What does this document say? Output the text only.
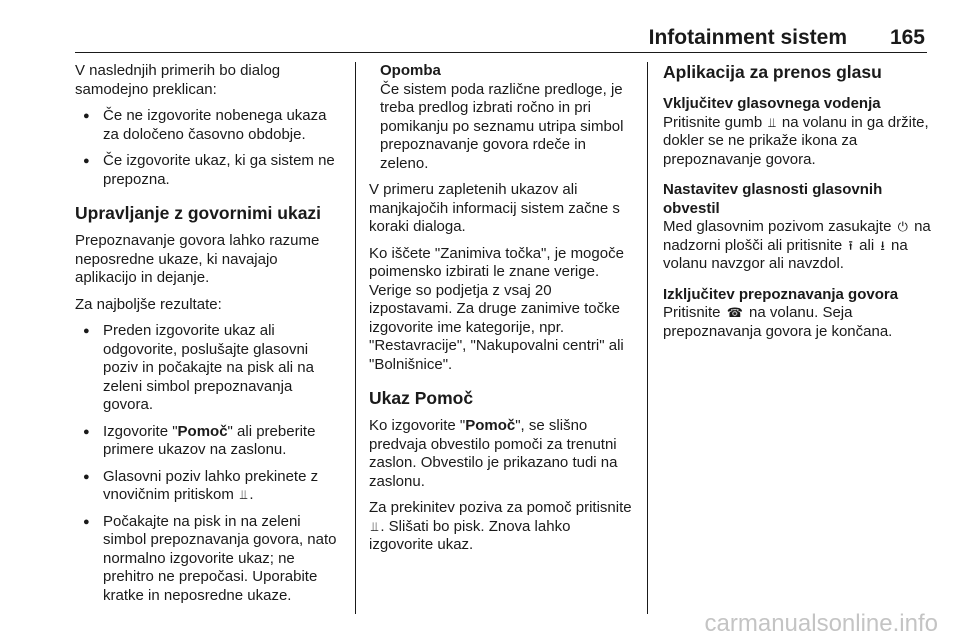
Infotainment sistem 165

V naslednjih primerih bo dialog samodejno preklican:

● Če ne izgovorite nobenega ukaza za določeno časovno obdobje.
● Če izgovorite ukaz, ki ga sistem ne prepozna.
Upravljanje z govornimi ukazi

Prepoznavanje govora lahko razume neposredne ukaze, ki navajajo aplikacijo in dejanje.

Za najboljše rezultate:

● Preden izgovorite ukaz ali odgovorite, poslušajte glasovni poziv in počakajte na pisk ali na zeleni simbol prepoznavanja govora.
● Izgovorite "Pomoč" ali preberite primere ukazov na zaslonu.
● Glasovni poziv lahko prekinete z vnovičnim pritiskom ⫫ .
● Počakajte na pisk in na zeleni simbol prepoznavanja govora, nato normalno izgovorite ukaz; ne prehitro ne prepočasi. Uporabite kratke in neposredne ukaze.
Opomba
Če sistem poda različne predloge, je treba predlog izbrati ročno in pri pomikanju po seznamu utripa simbol prepoznavanje govora rdeče in zeleno.

V primeru zapletenih ukazov ali manjkajočih informacij sistem začne s koraki dialoga.

Ko iščete "Zanimiva točka", je mogoče poimensko izbirati le znane verige. Verige so podjetja z vsaj 20 izpostavami. Za druge zanimive točke izgovorite ime kategorije, npr. "Restavracije", "Nakupovalni centri" ali "Bolnišnice".

Ukaz Pomoč

Ko izgovorite "Pomoč", se slišno predvaja obvestilo pomoči za trenutni zaslon. Obvestilo je prikazano tudi na zaslonu.

Za prekinitev poziva za pomoč pritisnite ⫫ . Slišati bo pisk. Znova lahko izgovorite ukaz.

Aplikacija za prenos glasu
Vključitev glasovnega vodenja

Pritisnite gumb ⫫ na volanu in ga držite, dokler se ne prikaže ikona za prepoznavanje govora.

Nastavitev glasnosti glasovnih obvestil

Med glasovnim pozivom zasukajte ⏻ na nadzorni plošči ali pritisnite ⭱ ali ⭳ na volanu navzgor ali navzdol.

Izključitev prepoznavanja govora

Pritisnite ☎ na volanu. Seja prepoznavanja govora je končana.

carmanualsonline.info
